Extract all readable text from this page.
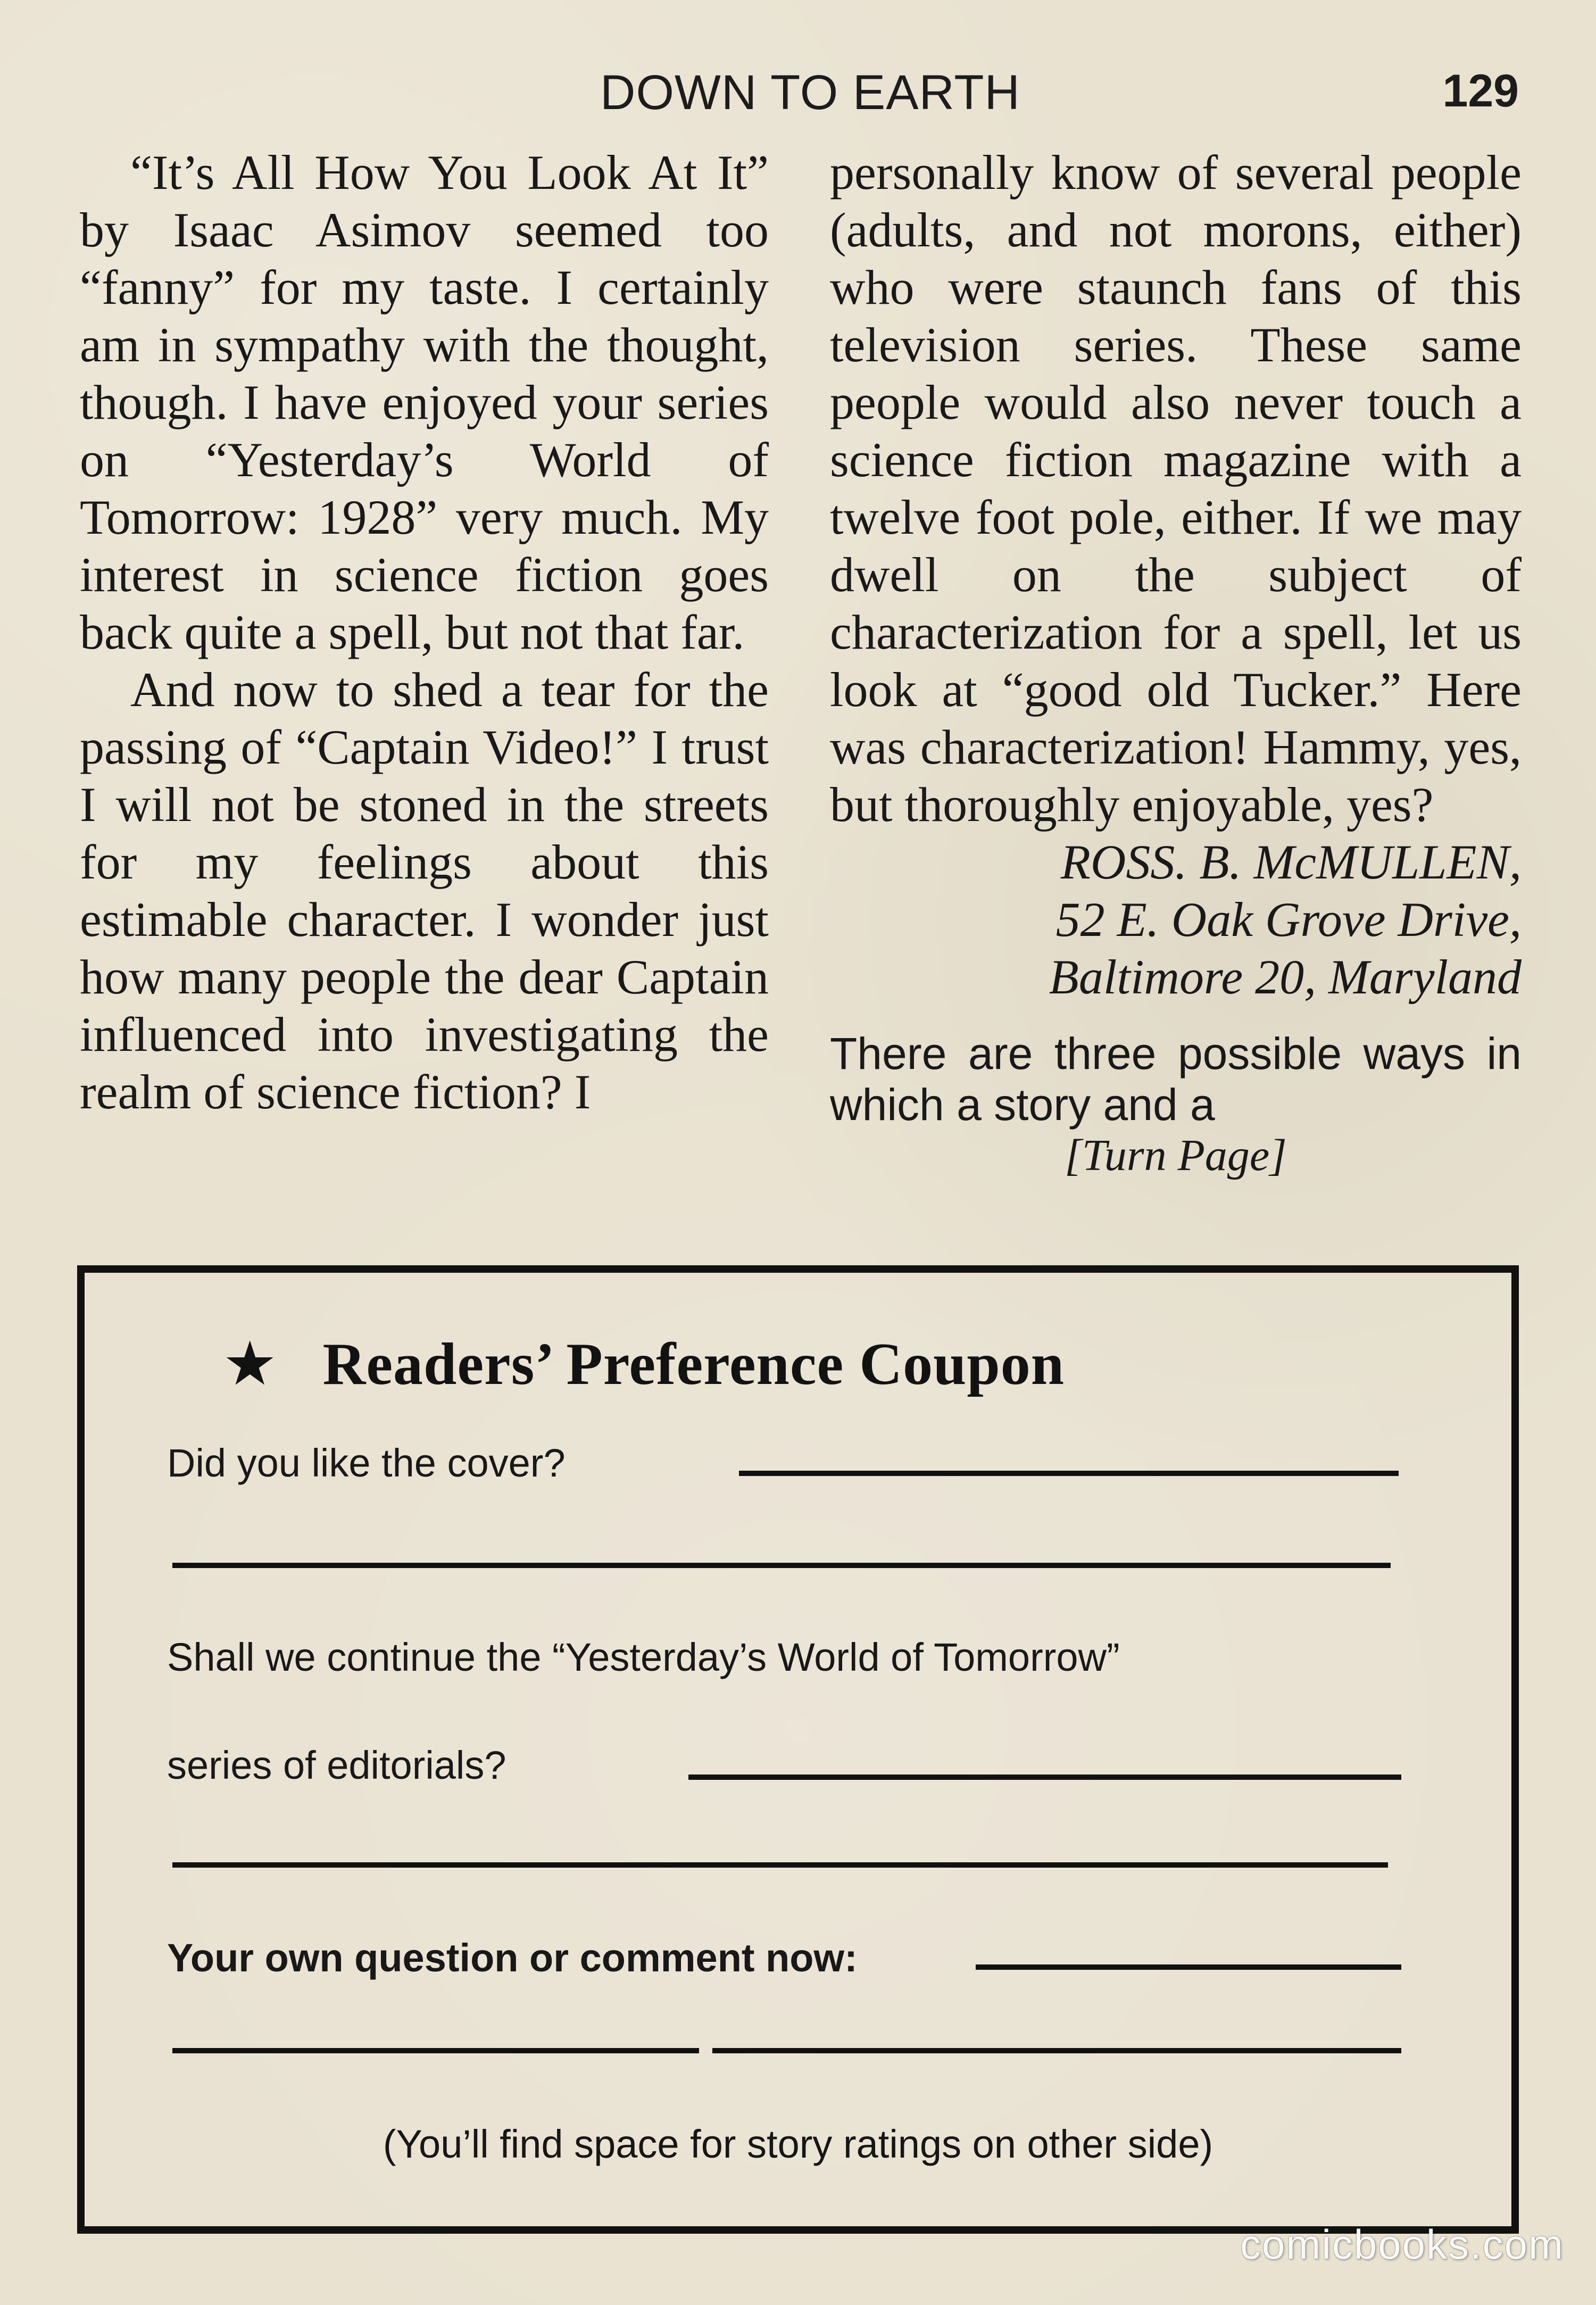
DOWN TO EARTH	129

“It’s All How You Look At It” by Isaac Asimov seemed too “fanny” for my taste. I certainly am in sympathy with the thought, though. I have enjoyed your series on “Yesterday’s World of Tomorrow: 1928” very much. My interest in science fiction goes back quite a spell, but not that far.

And now to shed a tear for the passing of “Captain Video!” I trust I will not be stoned in the streets for my feelings about this estimable character. I wonder just how many people the dear Captain influenced into investigating the realm of science fiction? I

personally know of several people (adults, and not morons, either) who were staunch fans of this television series. These same people would also never touch a science fiction magazine with a twelve foot pole, either. If we may dwell on the subject of characterization for a spell, let us look at “good old Tucker.” Here was characterization! Hammy, yes, but thoroughly enjoyable, yes?

ROSS. B. McMULLEN,
52 E. Oak Grove Drive,
Baltimore 20, Maryland
There are three possible ways in which a story and a
[Turn Page]
★ Readers’ Preference Coupon
Did you like the cover?
Shall we continue the “Yesterday’s World of Tomorrow”
series of editorials?
Your own question or comment now:
(You’ll find space for story ratings on other side)
comicbooks.com
